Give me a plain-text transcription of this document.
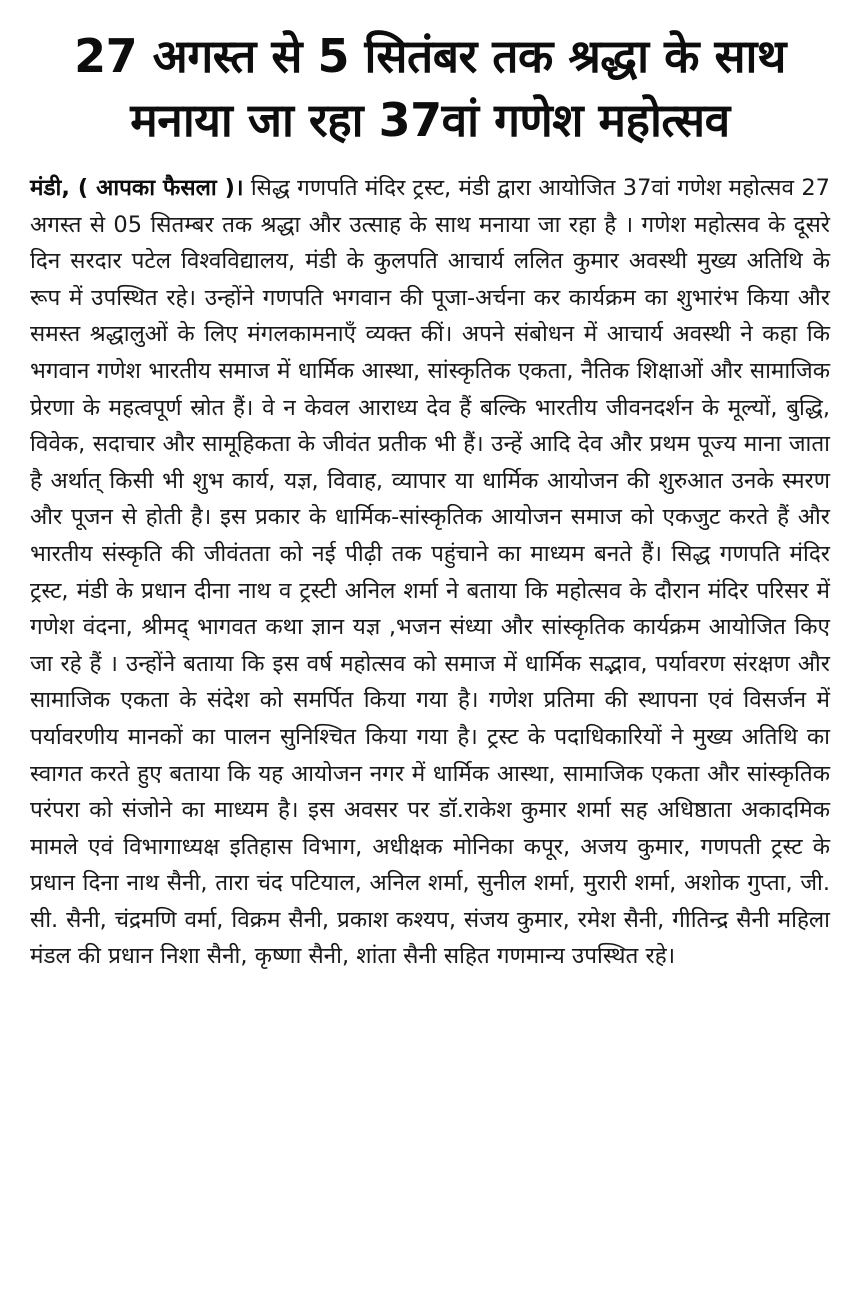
27 अगस्त से 5 सितंबर तक श्रद्धा के साथ
मनाया जा रहा 37वां गणेश महोत्सव

मंडी, ( आपका फैसला )। सिद्ध गणपति मंदिर ट्रस्ट, मंडी द्वारा आयोजित 37वां गणेश महोत्सव 27 अगस्त से 05 सितम्बर तक श्रद्धा और उत्साह के साथ मनाया जा रहा है । गणेश महोत्सव के दूसरे दिन सरदार पटेल विश्वविद्यालय, मंडी के कुलपति आचार्य ललित कुमार अवस्थी मुख्य अतिथि के रूप में उपस्थित रहे। उन्होंने गणपति भगवान की पूजा-अर्चना कर कार्यक्रम का शुभारंभ किया और समस्त श्रद्धालुओं के लिए मंगलकामनाएँ व्यक्त कीं। अपने संबोधन में आचार्य अवस्थी ने कहा कि भगवान गणेश भारतीय समाज में धार्मिक आस्था, सांस्कृतिक एकता, नैतिक शिक्षाओं और सामाजिक प्रेरणा के महत्वपूर्ण स्रोत हैं। वे न केवल आराध्य देव हैं बल्कि भारतीय जीवनदर्शन के मूल्यों, बुद्धि, विवेक, सदाचार और सामूहिकता के जीवंत प्रतीक भी हैं। उन्हें आदि देव और प्रथम पूज्य माना जाता है अर्थात् किसी भी शुभ कार्य, यज्ञ, विवाह, व्यापार या धार्मिक आयोजन की शुरुआत उनके स्मरण और पूजन से होती है। इस प्रकार के धार्मिक-सांस्कृतिक आयोजन समाज को एकजुट करते हैं और भारतीय संस्कृति की जीवंतता को नई पीढ़ी तक पहुंचाने का माध्यम बनते हैं। सिद्ध गणपति मंदिर ट्रस्ट, मंडी के प्रधान दीना नाथ व ट्रस्टी अनिल शर्मा ने बताया कि महोत्सव के दौरान मंदिर परिसर में गणेश वंदना, श्रीमद् भागवत कथा ज्ञान यज्ञ ,भजन संध्या और सांस्कृतिक कार्यक्रम आयोजित किए जा रहे हैं । उन्होंने बताया कि इस वर्ष महोत्सव को समाज में धार्मिक सद्भाव, पर्यावरण संरक्षण और सामाजिक एकता के संदेश को समर्पित किया गया है। गणेश प्रतिमा की स्थापना एवं विसर्जन में पर्यावरणीय मानकों का पालन सुनिश्चित किया गया है। ट्रस्ट के पदाधिकारियों ने मुख्य अतिथि का स्वागत करते हुए बताया कि यह आयोजन नगर में धार्मिक आस्था, सामाजिक एकता और सांस्कृतिक परंपरा को संजोने का माध्यम है। इस अवसर पर डॉ.राकेश कुमार शर्मा सह अधिष्ठाता अकादमिक मामले एवं विभागाध्यक्ष इतिहास विभाग, अधीक्षक मोनिका कपूर, अजय कुमार, गणपती ट्रस्ट के प्रधान दिना नाथ सैनी, तारा चंद पटियाल, अनिल शर्मा, सुनील शर्मा, मुरारी शर्मा, अशोक गुप्ता, जी. सी. सैनी, चंद्रमणि वर्मा, विक्रम सैनी, प्रकाश कश्यप, संजय कुमार, रमेश सैनी, गीतिन्द्र सैनी महिला मंडल की प्रधान निशा सैनी, कृष्णा सैनी, शांता सैनी सहित गणमान्य उपस्थित रहे।
